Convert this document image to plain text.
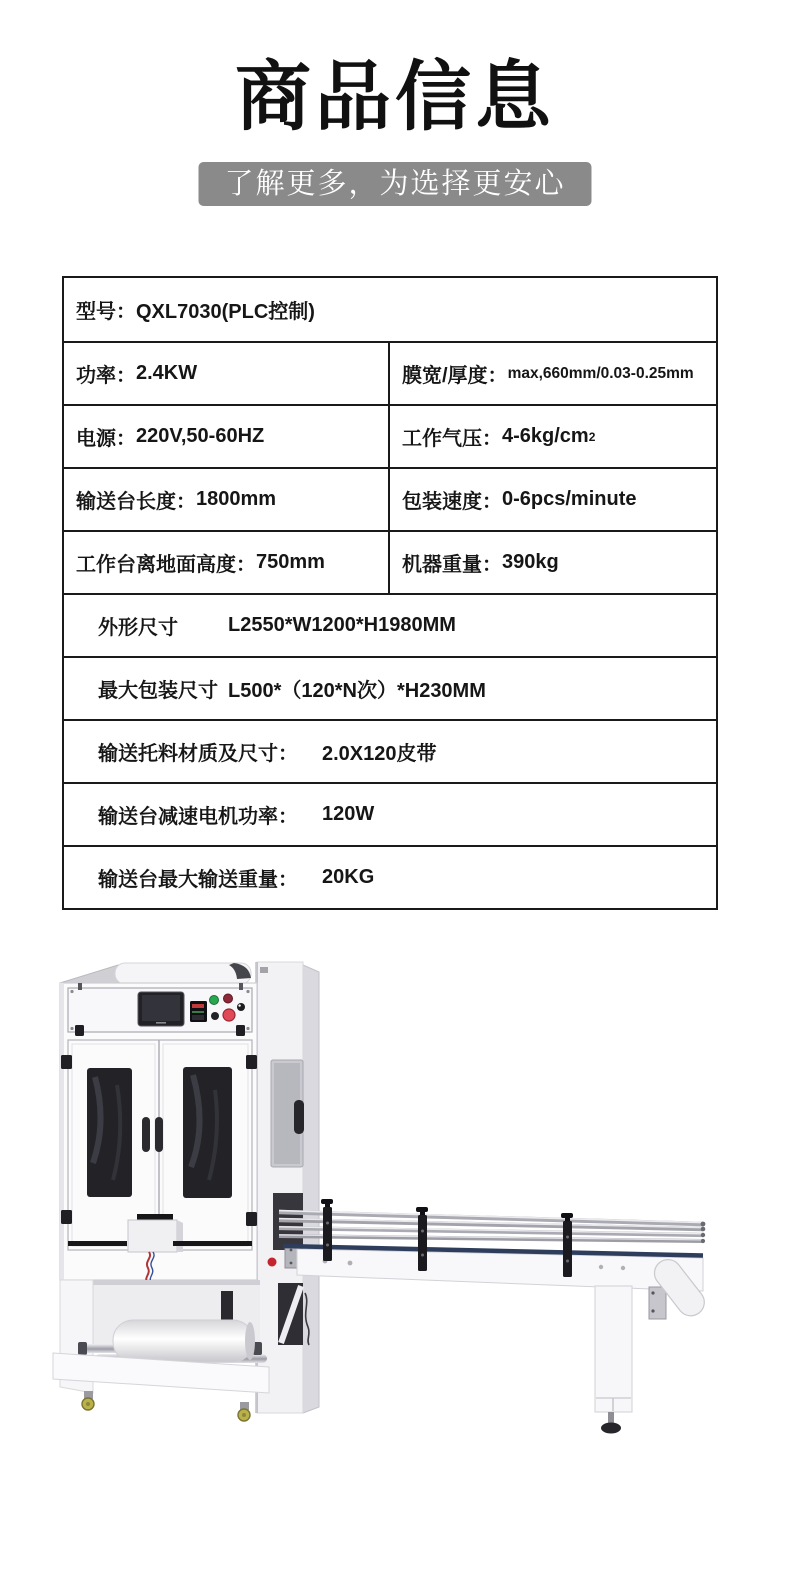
商品信息
了解更多，为选择更安心
型号： QXL7030(PLC控制)
功率： 2.4KW	膜宽/厚度： max,660mm/0.03-0.25mm
电源： 220V,50-60HZ	工作气压： 4-6kg/cm 2
输送台长度： 1800mm	包装速度： 0-6pcs/minute
工作台离地面高度： 750mm	机器重量： 390kg
外形尺寸	L2550*W1200*H1980MM
最大包装尺寸 L500*（120*N次）*H230MM
输送托料材质及尺寸： 2.0X120皮带
输送台减速电机功率： 120W
输送台最大输送重量： 20KG
